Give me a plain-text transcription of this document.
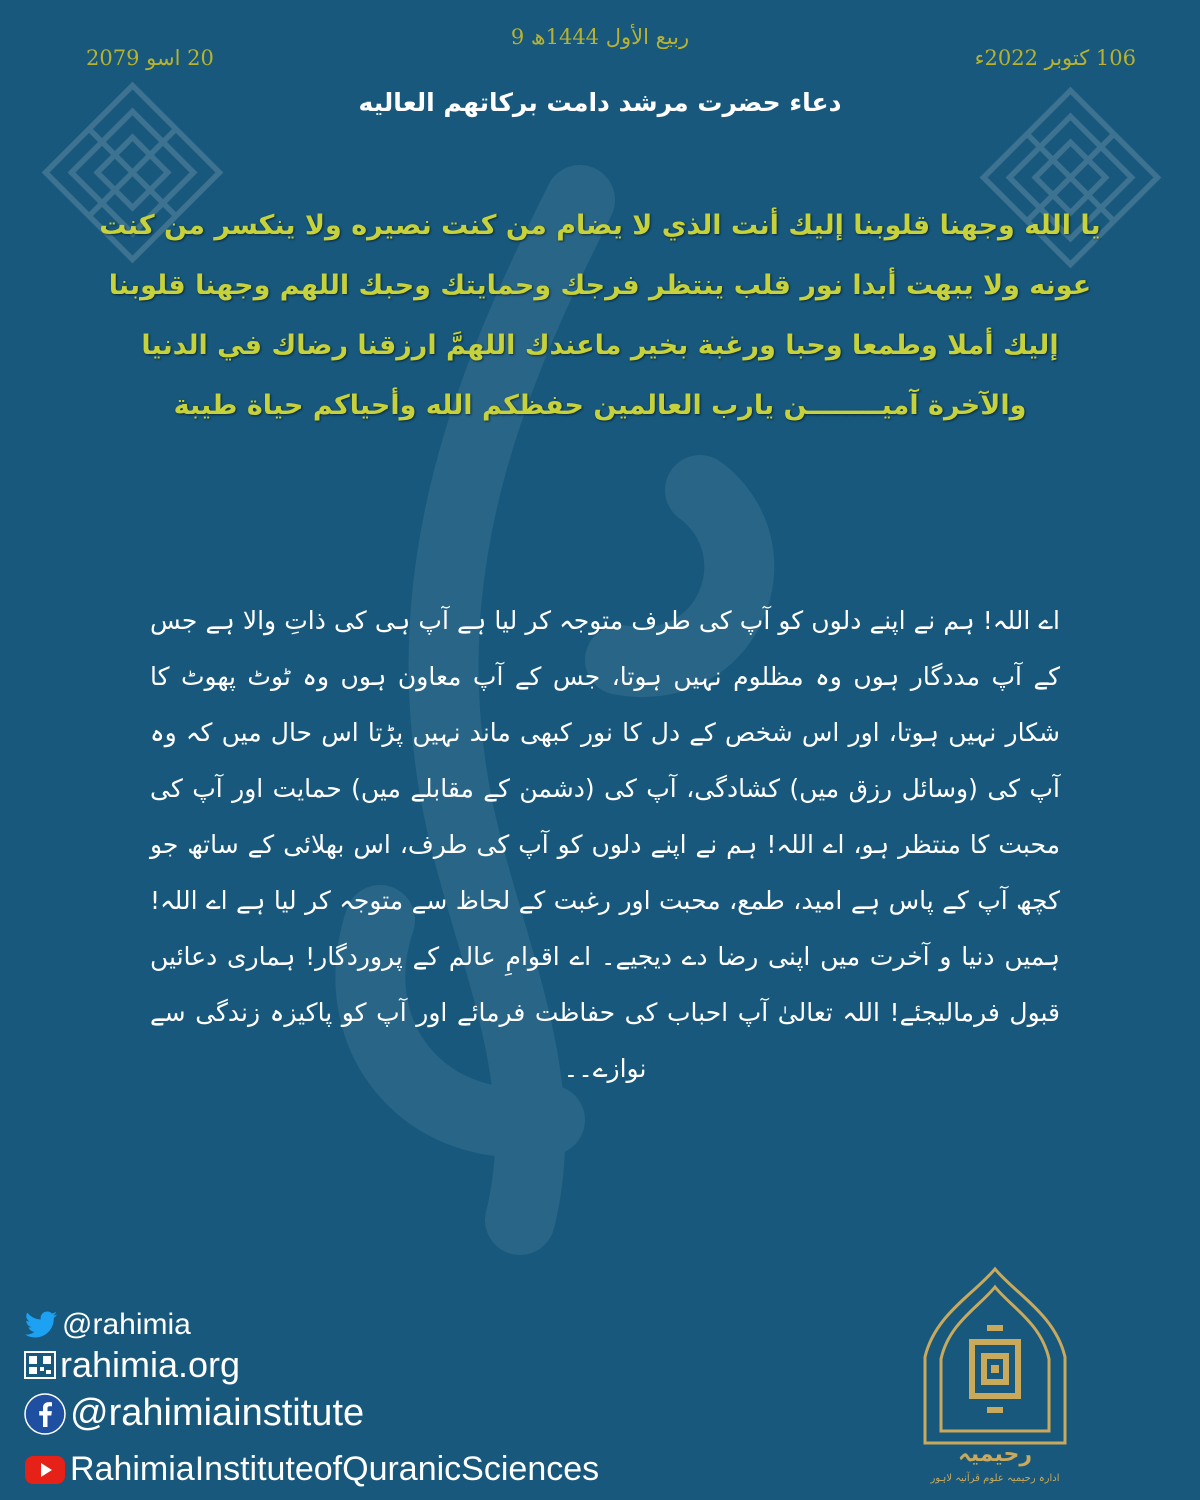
9 ربیع الأول 1444ھ
106 کتوبر 2022ء
20 اسو 2079
دعاء حضرت مرشد دامت برکاتهم العالیه
يا الله وجهنا قلوبنا إليك أنت الذي لا يضام من كنت نصيره ولا ينكسر من كنت عونه ولا يبهت أبدا نور قلب ينتظر فرجك وحمايتك وحبك اللهم وجهنا قلوبنا إليك أملا وطمعا وحبا ورغبة بخير ماعندك اللهمَّ ارزقنا رضاك في الدنيا والآخرة آميــــــــن يارب العالمين حفظكم الله وأحياكم حياة طيبة
اے اللہ! ہم نے اپنے دلوں کو آپ کی طرف متوجہ کر لیا ہے آپ ہی کی ذاتِ والا ہے جس کے آپ مددگار ہوں وہ مظلوم نہیں ہوتا، جس کے آپ معاون ہوں وہ ٹوٹ پھوٹ کا شکار نہیں ہوتا، اور اس شخص کے دل کا نور کبھی ماند نہیں پڑتا اس حال میں کہ وہ آپ کی (وسائل رزق میں) کشادگی، آپ کی (دشمن کے مقابلے میں) حمایت اور آپ کی محبت کا منتظر ہو، اے اللہ! ہم نے اپنے دلوں کو آپ کی طرف، اس بھلائی کے ساتھ جو کچھ آپ کے پاس ہے امید، طمع، محبت اور رغبت کے لحاظ سے متوجہ کر لیا ہے اے اللہ! ہمیں دنیا و آخرت میں اپنی رضا دے دیجیے۔ اے اقوامِ عالم کے پروردگار! ہماری دعائیں قبول فرمالیجئے! اللہ تعالیٰ آپ احباب کی حفاظت فرمائے اور آپ کو پاکیزہ زندگی سے نوازے۔۔
@rahimia
rahimia.org
@rahimiainstitute
RahimiaInstituteofQuranicSciences	رحیمیہ
ادارہ رحیمیہ علوم قرآنیہ لاہور
